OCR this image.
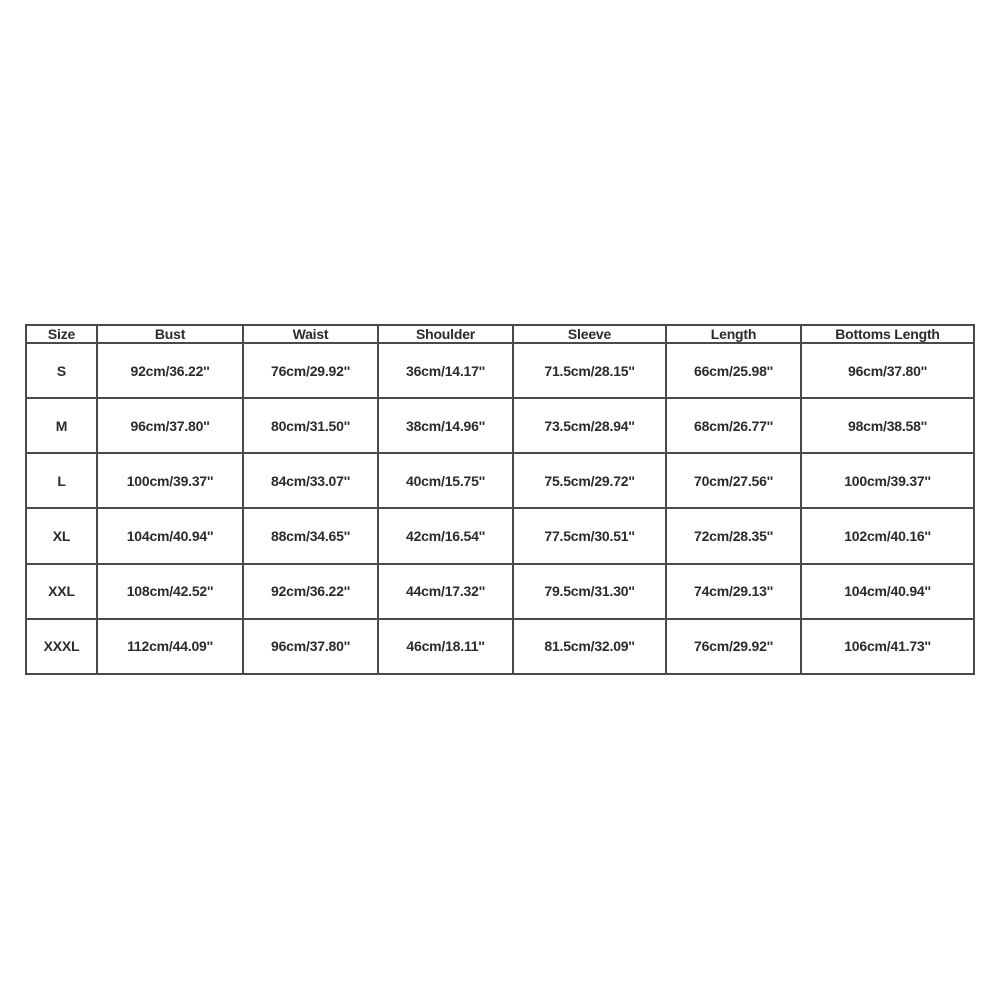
Size	Bust	Waist	Shoulder	Sleeve	Length	Bottoms Length
S	92cm/36.22''	76cm/29.92''	36cm/14.17''	71.5cm/28.15''	66cm/25.98''	96cm/37.80''
M	96cm/37.80''	80cm/31.50''	38cm/14.96''	73.5cm/28.94''	68cm/26.77''	98cm/38.58''
L	100cm/39.37''	84cm/33.07''	40cm/15.75''	75.5cm/29.72''	70cm/27.56''	100cm/39.37''
XL	104cm/40.94''	88cm/34.65''	42cm/16.54''	77.5cm/30.51''	72cm/28.35''	102cm/40.16''
XXL	108cm/42.52''	92cm/36.22''	44cm/17.32''	79.5cm/31.30''	74cm/29.13''	104cm/40.94''
XXXL	112cm/44.09''	96cm/37.80''	46cm/18.11''	81.5cm/32.09''	76cm/29.92''	106cm/41.73''
